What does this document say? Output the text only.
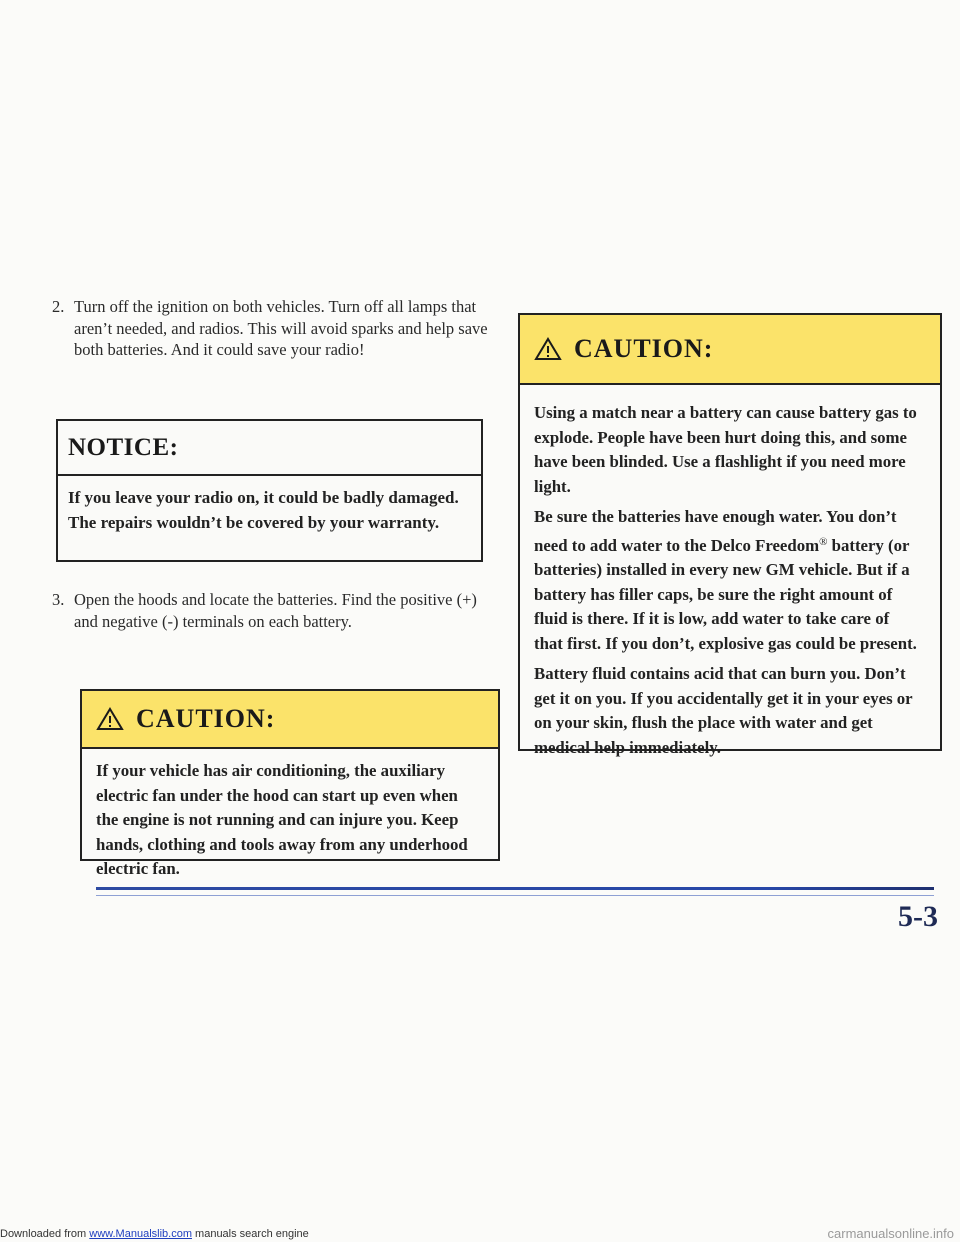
2. Turn off the ignition on both vehicles. Turn off all lamps that aren’t needed, and radios. This will avoid sparks and help save both batteries. And it could save your radio!
NOTICE:
If you leave your radio on, it could be badly damaged. The repairs wouldn’t be covered by your warranty.
3. Open the hoods and locate the batteries. Find the positive (+) and negative (-) terminals on each battery.
CAUTION:
If your vehicle has air conditioning, the auxiliary electric fan under the hood can start up even when the engine is not running and can injure you. Keep hands, clothing and tools away from any underhood electric fan.
CAUTION:

Using a match near a battery can cause battery gas to explode. People have been hurt doing this, and some have been blinded. Use a flashlight if you need more light.

Be sure the batteries have enough water. You don’t need to add water to the Delco Freedom® battery (or batteries) installed in every new GM vehicle. But if a battery has filler caps, be sure the right amount of fluid is there. If it is low, add water to take care of that first. If you don’t, explosive gas could be present.

Battery fluid contains acid that can burn you. Don’t get it on you. If you accidentally get it in your eyes or on your skin, flush the place with water and get medical help immediately.

5-3
Downloaded from www.Manualslib.com manuals search engine	carmanualsonline.info
